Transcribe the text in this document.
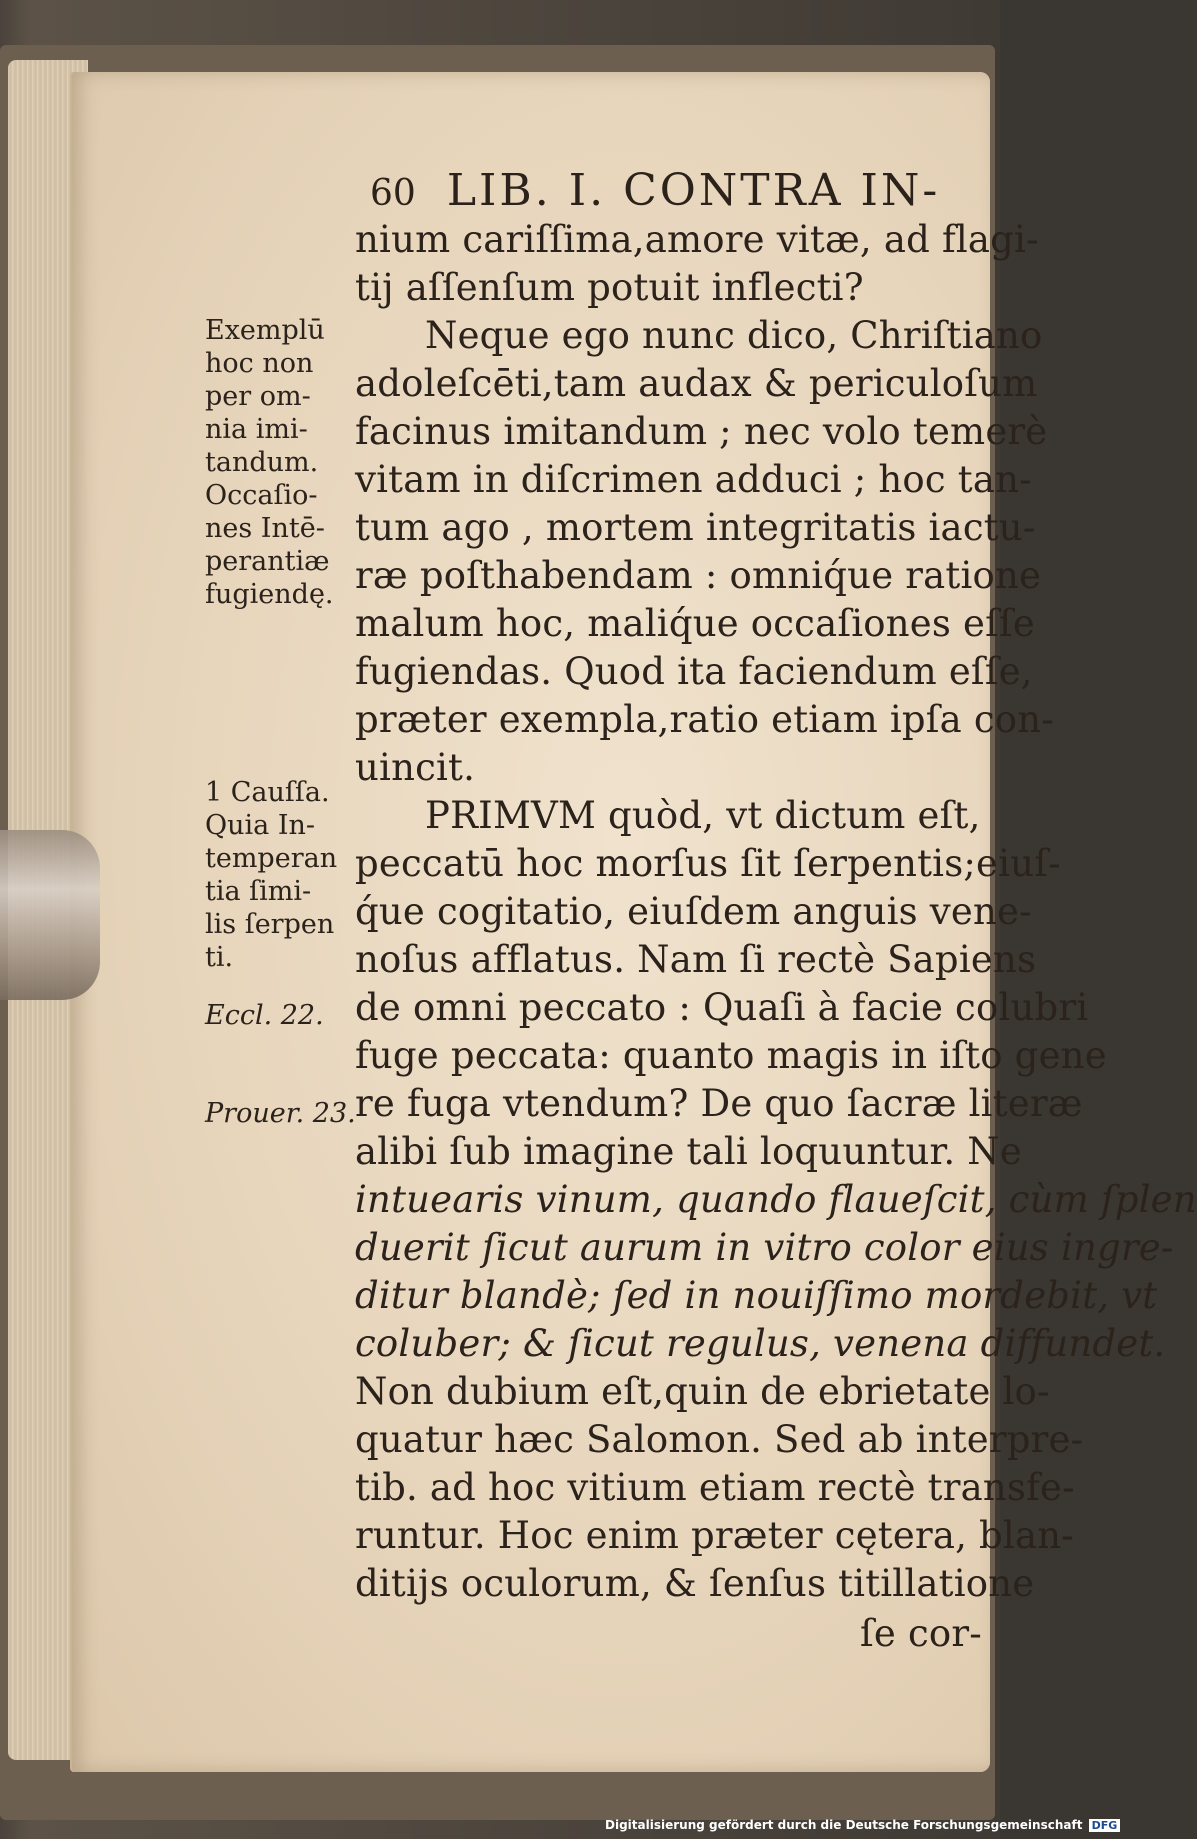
60 LIB. I. CONTRA IN-
nium cariſſima,amore vitæ, ad flagi-
tij aſſenſum potuit inflecti?
Neque ego nunc dico, Chriſtiano
adoleſcēti,tam audax & periculoſum
facinus imitandum ; nec volo temerè
vitam in diſcrimen adduci ; hoc tan-
tum ago , mortem integritatis iactu-
ræ poſthabendam : omniq́ue ratione
malum hoc, maliq́ue occaſiones eſſe
fugiendas. Quod ita faciendum eſſe,
præter exempla,ratio etiam ipſa con-
uincit.
PRIMVM quòd, vt dictum eſt,
peccatū hoc morſus ſit ſerpentis;eiuſ-
q́ue cogitatio, eiuſdem anguis vene-
noſus afflatus. Nam ſi rectè Sapiens
de omni peccato : Quaſi à facie colubri
fuge peccata: quanto magis in iſto gene
re fuga vtendum? De quo ſacræ literæ
alibi ſub imagine tali loquuntur. Ne
intuearis vinum, quando flaueſcit, cùm ſplen
duerit ſicut aurum in vitro color eius ingre-
ditur blandè; ſed in nouiſſimo mordebit, vt
coluber; & ſicut regulus, venena diffundet.
Non dubium eſt,quin de ebrietate lo-
quatur hæc Salomon. Sed ab interpre-
tib. ad hoc vitium etiam rectè transfe-
runtur. Hoc enim præter cętera, blan-
ditijs oculorum, & ſenſus titillatione
ſe cor-
Exemplū
hoc non
per om-
nia imi-
tandum.
Occaſio-
nes Intē-
perantiæ
fugiendę.
1 Cauſſa.
Quia In-
temperan
tia ſimi-
lis ſerpen
ti.
Eccl. 22.
Prouer. 23.
Digitalisierung gefördert durch die Deutsche Forschungsgemeinschaft DFG
